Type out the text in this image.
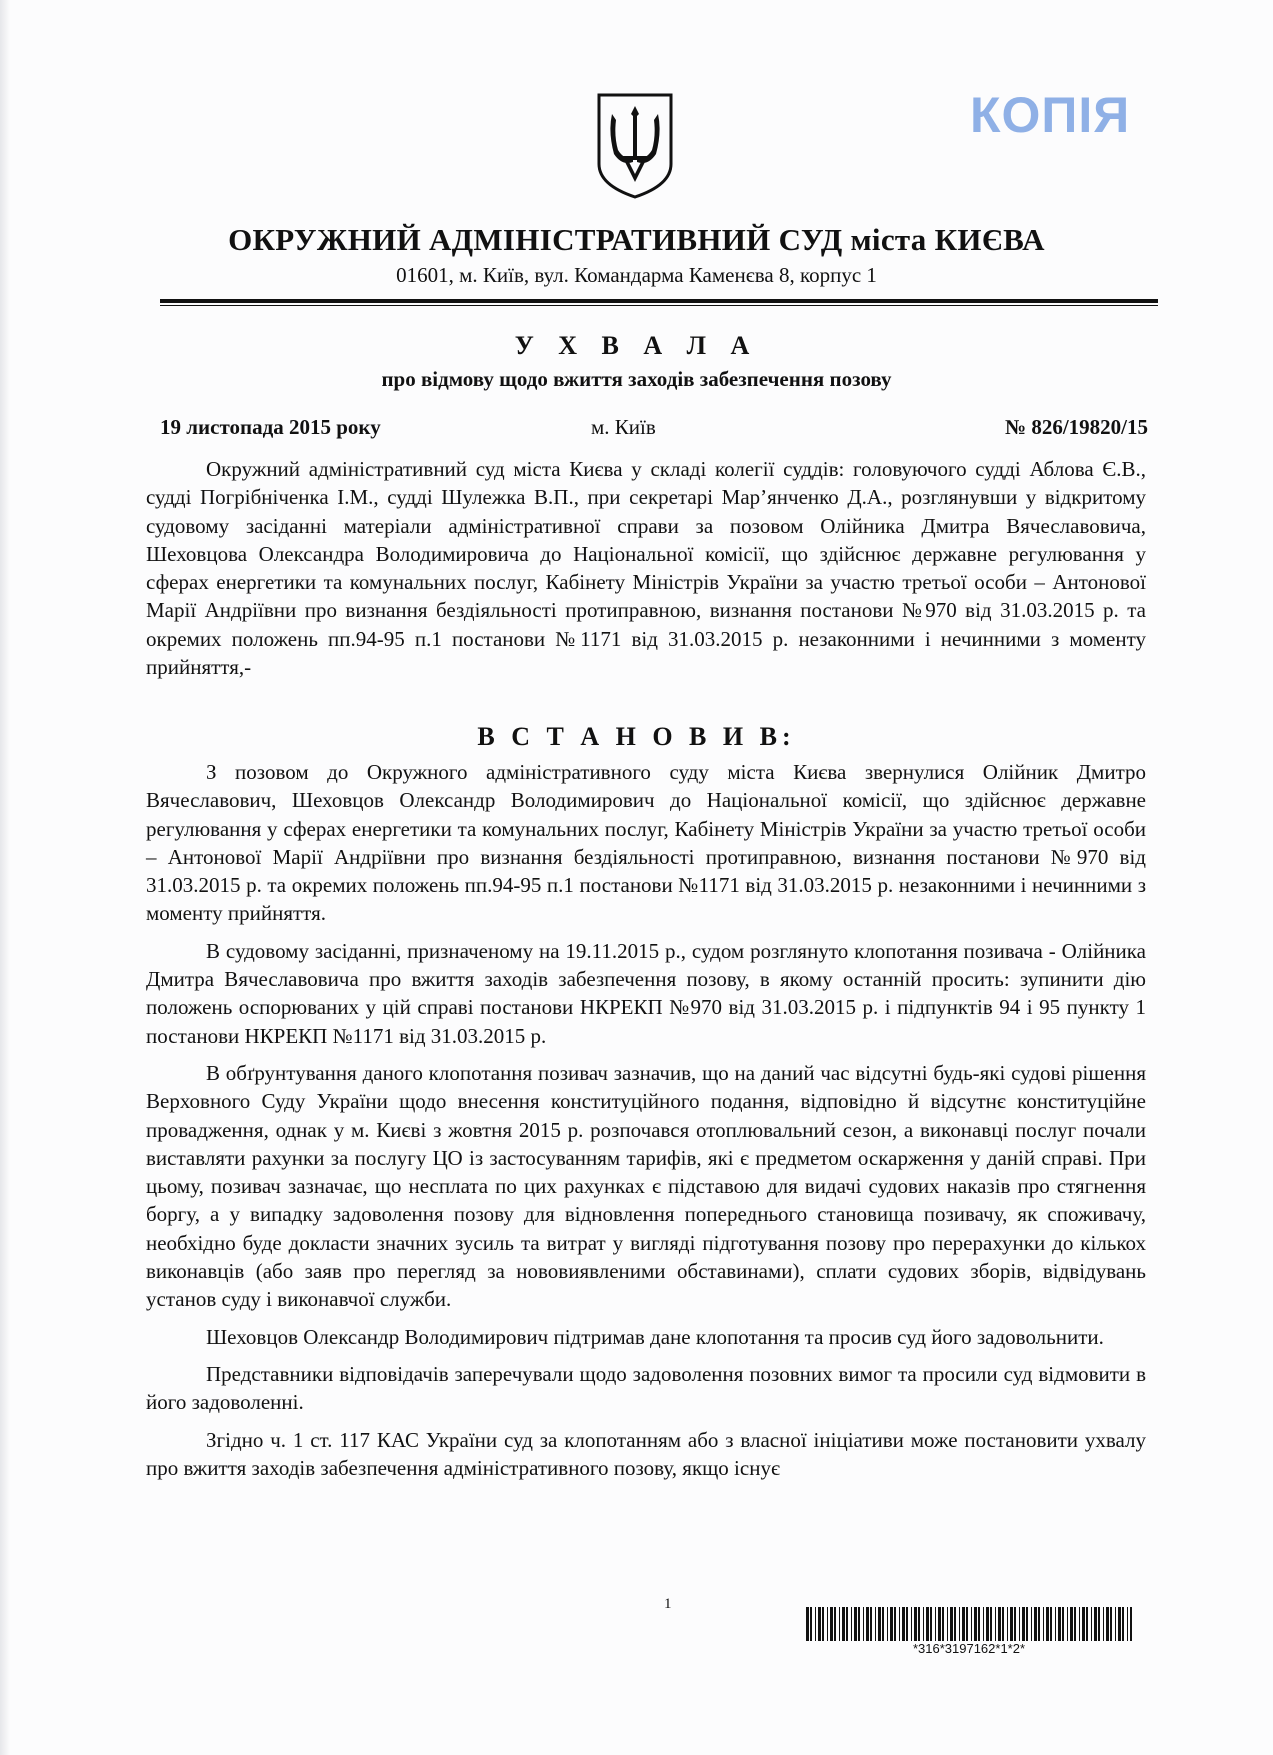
КОПІЯ
ОКРУЖНИЙ АДМІНІСТРАТИВНИЙ СУД міста КИЄВА
01601, м. Київ, вул. Командарма Каменєва 8, корпус 1
У Х В А Л А
про відмову щодо вжиття заходів забезпечення позову
19 листопада 2015 року	м. Київ	№ 826/19820/15

Окружний адміністративний суд міста Києва у складі колегії суддів: головуючого судді Аблова Є.В., судді Погрібніченка І.М., судді Шулежка В.П., при секретарі Мар’янченко Д.А., розглянувши у відкритому судовому засіданні матеріали адміністративної справи за позовом Олійника Дмитра Вячеславовича, Шеховцова Олександра Володимировича до Національної комісії, що здійснює державне регулювання у сферах енергетики та комунальних послуг, Кабінету Міністрів України за участю третьої особи – Антонової Марії Андріївни про визнання бездіяльності протиправною, визнання постанови №970 від 31.03.2015 р. та окремих положень пп.94-95 п.1 постанови №1171 від 31.03.2015 р. незаконними і нечинними з моменту прийняття,-

В С Т А Н О В И В:

З позовом до Окружного адміністративного суду міста Києва звернулися Олійник Дмитро Вячеславович, Шеховцов Олександр Володимирович до Національної комісії, що здійснює державне регулювання у сферах енергетики та комунальних послуг, Кабінету Міністрів України за участю третьої особи – Антонової Марії Андріївни про визнання бездіяльності протиправною, визнання постанови №970 від 31.03.2015 р. та окремих положень пп.94-95 п.1 постанови №1171 від 31.03.2015 р. незаконними і нечинними з моменту прийняття.

В судовому засіданні, призначеному на 19.11.2015 р., судом розглянуто клопотання позивача - Олійника Дмитра Вячеславовича про вжиття заходів забезпечення позову, в якому останній просить: зупинити дію положень оспорюваних у цій справі постанови НКРЕКП №970 від 31.03.2015 р. і підпунктів 94 і 95 пункту 1 постанови НКРЕКП №1171 від 31.03.2015 р.

В обґрунтування даного клопотання позивач зазначив, що на даний час відсутні будь-які судові рішення Верховного Суду України щодо внесення конституційного подання, відповідно й відсутнє конституційне провадження, однак у м. Києві з жовтня 2015 р. розпочався отоплювальний сезон, а виконавці послуг почали виставляти рахунки за послугу ЦО із застосуванням тарифів, які є предметом оскарження у даній справі. При цьому, позивач зазначає, що несплата по цих рахунках є підставою для видачі судових наказів про стягнення боргу, а у випадку задоволення позову для відновлення попереднього становища позивачу, як споживачу, необхідно буде докласти значних зусиль та витрат у вигляді підготування позову про перерахунки до кількох виконавців (або заяв про перегляд за нововиявленими обставинами), сплати судових зборів, відвідувань установ суду і виконавчої служби.

Шеховцов Олександр Володимирович підтримав дане клопотання та просив суд його задовольнити.

Представники відповідачів заперечували щодо задоволення позовних вимог та просили суд відмовити в його задоволенні.

Згідно ч. 1 ст. 117 КАС України суд за клопотанням або з власної ініціативи може постановити ухвалу про вжиття заходів забезпечення адміністративного позову, якщо існує

1
*316*3197162*1*2*
